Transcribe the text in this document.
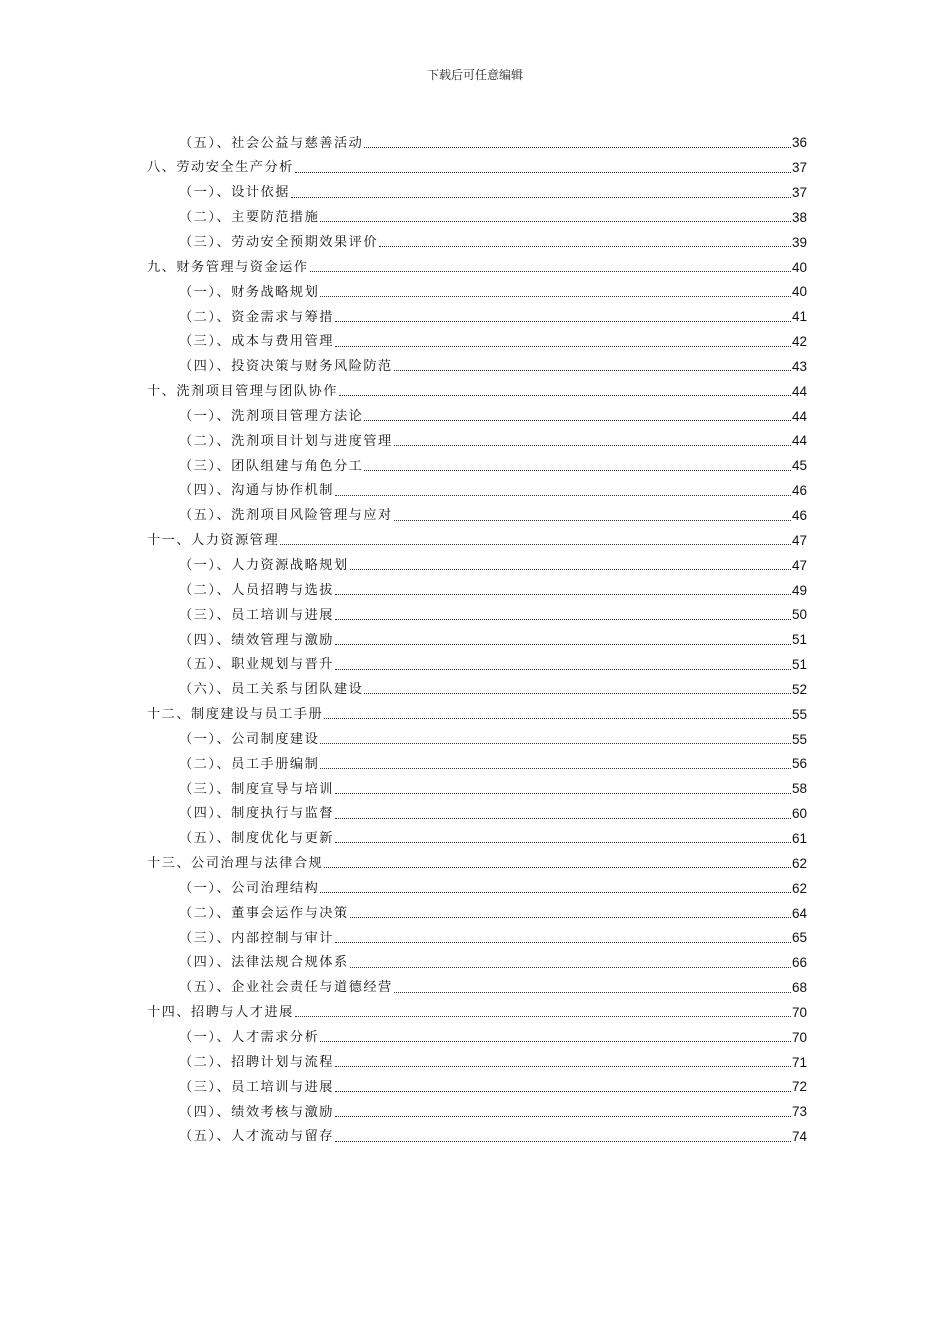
下载后可任意编辑
（五）、社会公益与慈善活动	36
八、劳动安全生产分析	37
（一）、设计依据	37
（二）、主要防范措施	38
（三）、劳动安全预期效果评价	39
九、财务管理与资金运作	40
（一）、财务战略规划	40
（二）、资金需求与筹措	41
（三）、成本与费用管理	42
（四）、投资决策与财务风险防范	43
十、洗剂项目管理与团队协作	44
（一）、洗剂项目管理方法论	44
（二）、洗剂项目计划与进度管理	44
（三）、团队组建与角色分工	45
（四）、沟通与协作机制	46
（五）、洗剂项目风险管理与应对	46
十一、人力资源管理	47
（一）、人力资源战略规划	47
（二）、人员招聘与选拔	49
（三）、员工培训与进展	50
（四）、绩效管理与激励	51
（五）、职业规划与晋升	51
（六）、员工关系与团队建设	52
十二、制度建设与员工手册	55
（一）、公司制度建设	55
（二）、员工手册编制	56
（三）、制度宣导与培训	58
（四）、制度执行与监督	60
（五）、制度优化与更新	61
十三、公司治理与法律合规	62
（一）、公司治理结构	62
（二）、董事会运作与决策	64
（三）、内部控制与审计	65
（四）、法律法规合规体系	66
（五）、企业社会责任与道德经营	68
十四、招聘与人才进展	70
（一）、人才需求分析	70
（二）、招聘计划与流程	71
（三）、员工培训与进展	72
（四）、绩效考核与激励	73
（五）、人才流动与留存	74
